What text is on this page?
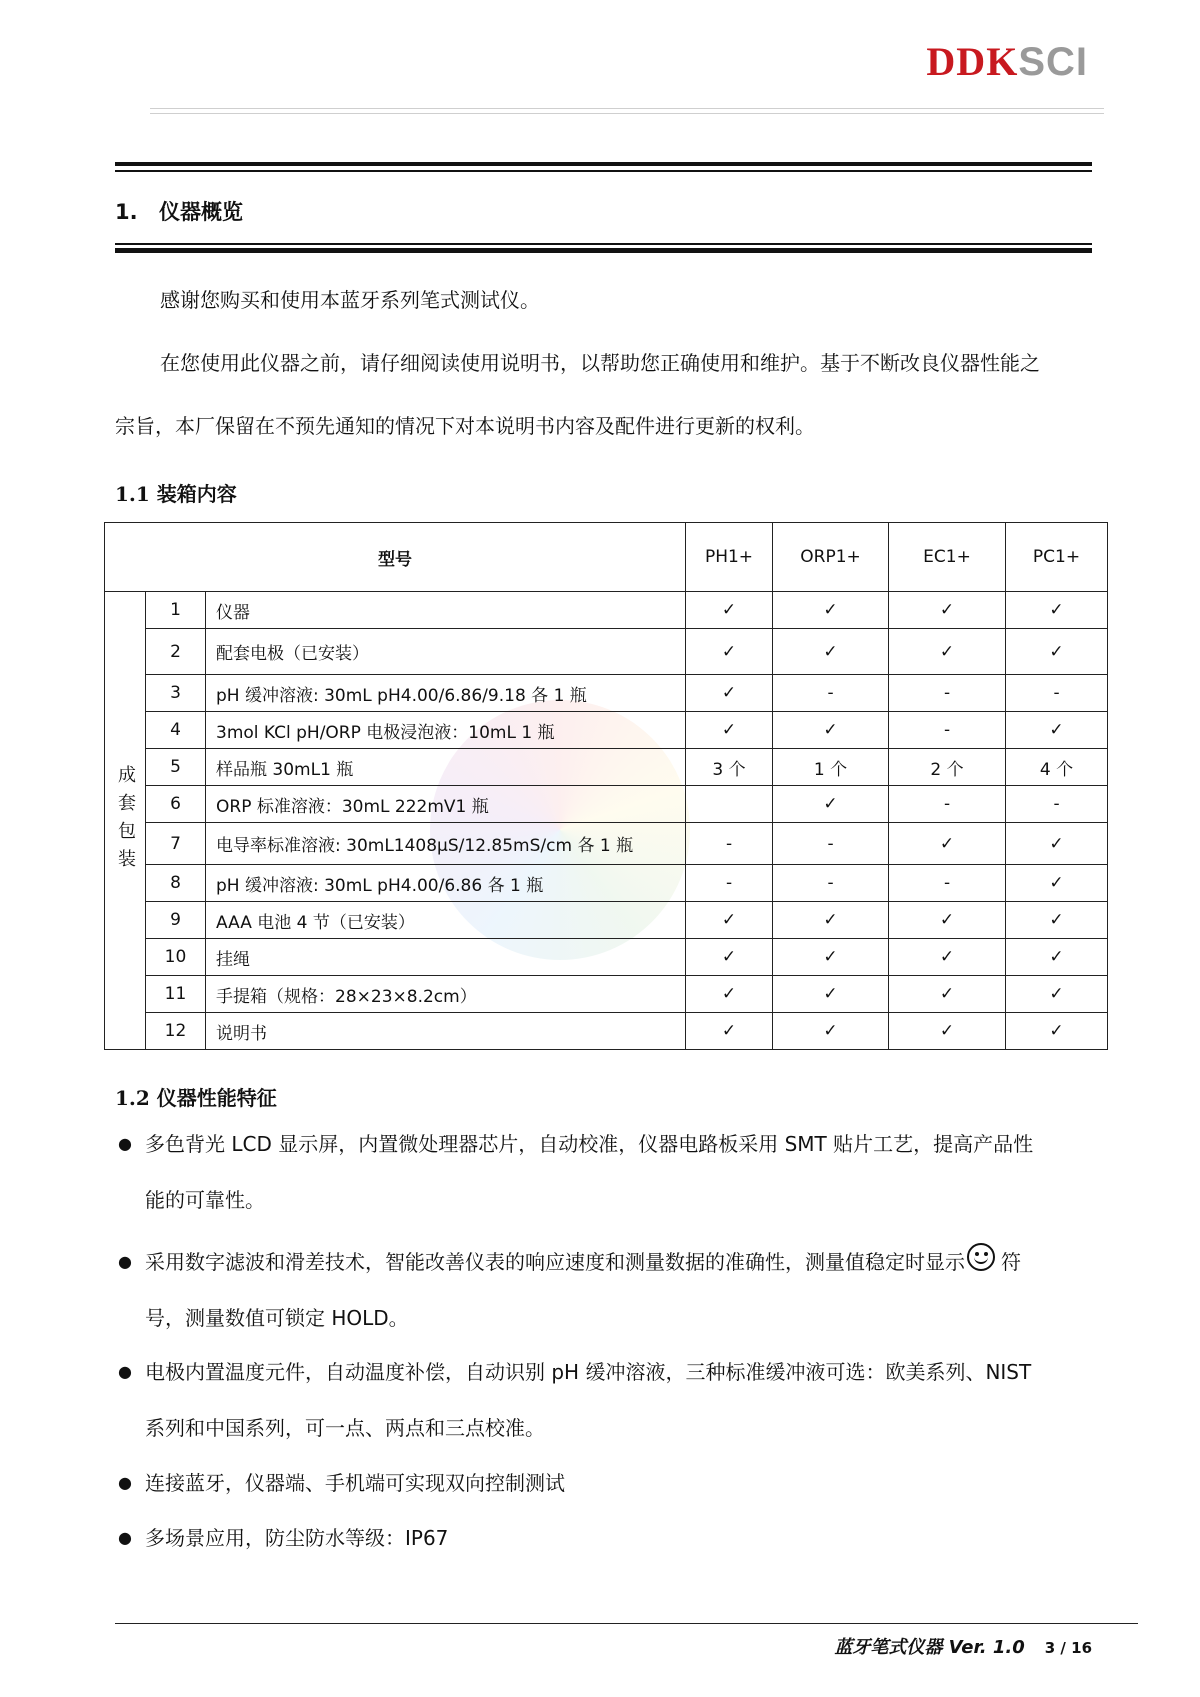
DDKSCI
1. 仪器概览
感谢您购买和使用本蓝牙系列笔式测试仪。
在您使用此仪器之前，请仔细阅读使用说明书，以帮助您正确使用和维护。基于不断改良仪器性能之
宗旨，本厂保留在不预先通知的情况下对本说明书内容及配件进行更新的权利。
1.1 装箱内容
型号			PH1+	ORP1+	EC1+	PC1+
成套包装	1	仪器	✓	✓	✓	✓
	2	配套电极（已安装）	✓	✓	✓	✓
	3	pH 缓冲溶液: 30mL pH4.00/6.86/9.18 各 1 瓶	✓	-	-	-
	4	3mol KCl pH/ORP 电极浸泡液：10mL 1 瓶	✓	✓	-	✓
	5	样品瓶 30mL1 瓶	3 个	1 个	2 个	4 个
	6	ORP 标准溶液：30mL 222mV1 瓶		✓	-	-
	7	电导率标准溶液: 30mL1408μS/12.85mS/cm 各 1 瓶	-	-	✓	✓
	8	pH 缓冲溶液: 30mL pH4.00/6.86 各 1 瓶	-	-	-	✓
	9	AAA 电池 4 节（已安装）	✓	✓	✓	✓
	10	挂绳	✓	✓	✓	✓
	11	手提箱（规格：28×23×8.2cm）	✓	✓	✓	✓
	12	说明书	✓	✓	✓	✓
1.2 仪器性能特征
● 多色背光 LCD 显示屏，内置微处理器芯片，自动校准，仪器电路板采用 SMT 贴片工艺，提高产品性
能的可靠性。
● 采用数字滤波和滑差技术，智能改善仪表的响应速度和测量数据的准确性，测量值稳定时显示 符
号，测量数值可锁定 HOLD。
● 电极内置温度元件，自动温度补偿，自动识别 pH 缓冲溶液，三种标准缓冲液可选：欧美系列、NIST
系列和中国系列，可一点、两点和三点校准。
● 连接蓝牙，仪器端、手机端可实现双向控制测试
● 多场景应用，防尘防水等级：IP67
蓝牙笔式仪器 Ver. 1.0 3 / 16
